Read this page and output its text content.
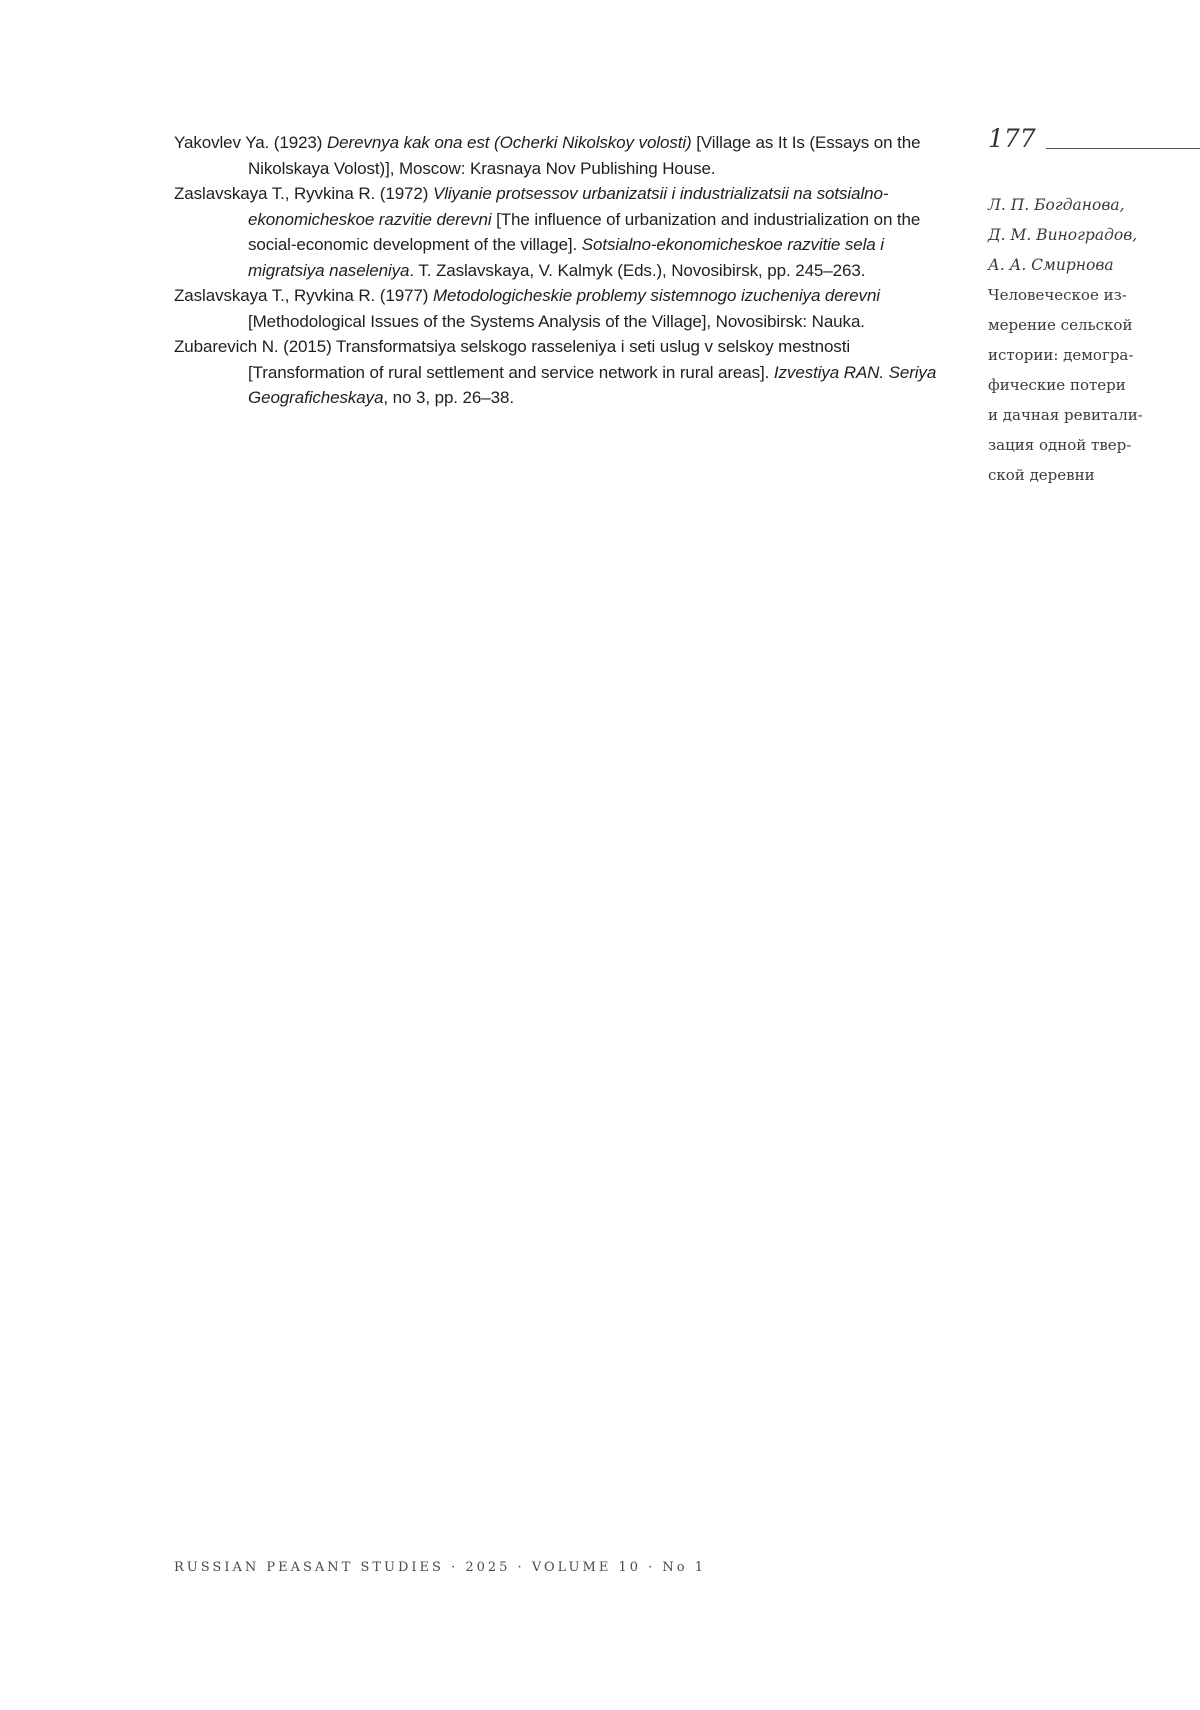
Yakovlev Ya. (1923) Derevnya kak ona est (Ocherki Nikolskoy volosti) [Village as It Is (Essays on the Nikolskaya Volost)], Moscow: Krasnaya Nov Publishing House.

Zaslavskaya T., Ryvkina R. (1972) Vliyanie protsessov urbanizatsii i industrializatsii na sotsialno-ekonomicheskoe razvitie derevni [The influence of urbanization and industrialization on the social-economic development of the village]. Sotsialno-ekonomicheskoe razvitie sela i migratsiya naseleniya. T. Zaslavskaya, V. Kalmyk (Eds.), Novosibirsk, pp. 245–263.

Zaslavskaya T., Ryvkina R. (1977) Metodologicheskie problemy sistemnogo izucheniya derevni [Methodological Issues of the Systems Analysis of the Village], Novosibirsk: Nauka.

Zubarevich N. (2015) Transformatsiya selskogo rasseleniya i seti uslug v selskoy mestnosti [Transformation of rural settlement and service network in rural areas]. Izvestiya RAN. Seriya Geograficheskaya, no 3, pp. 26–38.

177
Л. П. Богданова,
Д. М. Виноградов,
А. А. Смирнова
Человеческое из-
мерение сельской
истории: демогра-
фические потери
и дачная ревитали-
зация одной твер-
ской деревни
RUSSIAN PEASANT STUDIES · 2025 · VOLUME 10 · No 1
